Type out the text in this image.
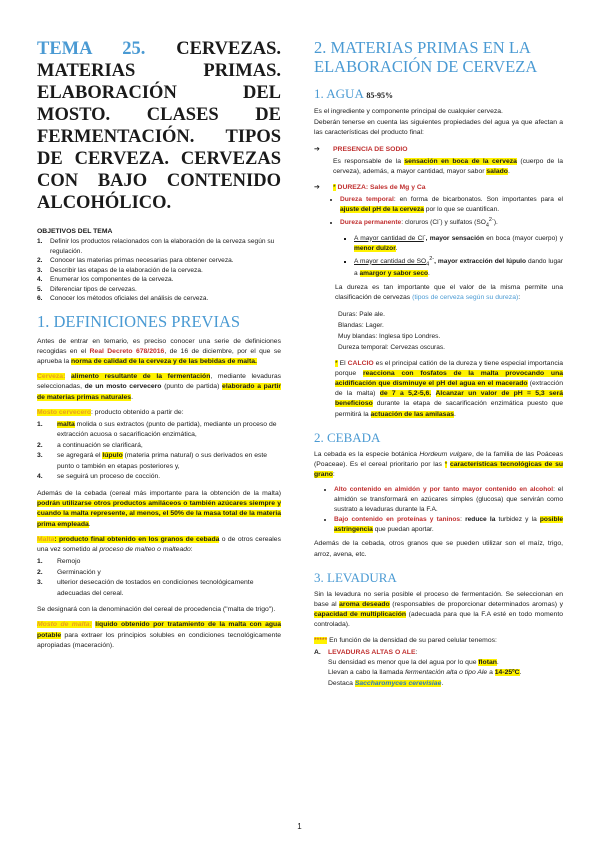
TEMA 25. CERVEZAS. MATERIAS PRIMAS. ELABORACIÓN DEL MOSTO. CLASES DE FERMENTACIÓN. TIPOS DE CERVEZA. CERVEZAS CON BAJO CONTENIDO ALCOHÓLICO.
OBJETIVOS DEL TEMA
1.	Definir los productos relacionados con la elaboración de la cerveza según su regulación.
2.	Conocer las materias primas necesarias para obtener cerveza.
3.	Describir las etapas de la elaboración de la cerveza.
4.	Enumerar los componentes de la cerveza.
5.	Diferenciar tipos de cervezas.
6.	Conocer los métodos oficiales del análisis de cerveza.
1. DEFINICIONES PREVIAS

Antes de entrar en temario, es preciso conocer una serie de definiciones recogidas en el Real Decreto 678/2016, de 16 de diciembre, por el que se aprueba la norma de calidad de la cerveza y de las bebidas de malta.

Cerveza: alimento resultante de la fermentación, mediante levaduras seleccionadas, de un mosto cervecero (punto de partida) elaborado a partir de materias primas naturales.

Mosto cervecero: producto obtenido a partir de:

1.	malta molida o sus extractos (punto de partida), mediante un proceso de extracción acuosa o sacarificación enzimática,
2.	a continuación se clarificará,
3.	se agregará el lúpulo (materia prima natural) o sus derivados en este punto o también en etapas posteriores y,
4.	se seguirá un proceso de cocción.

Además de la cebada (cereal más importante para la obtención de la malta) podrán utilizarse otros productos amiláceos o también azúcares siempre y cuando la malta represente, al menos, el 50% de la masa total de la materia prima empleada.

Malta: producto final obtenido en los granos de cebada o de otros cereales una vez sometido al proceso de malteo o malteado:

1.	Remojo
2.	Germinación y
3.	ulterior desecación de tostados en condiciones tecnológicamente adecuadas del cereal.

Se designará con la denominación del cereal de procedencia ("malta de trigo").

Mosto de malta: líquido obtenido por tratamiento de la malta con agua potable para extraer los principios solubles en condiciones tecnológicamente apropiadas (maceración).

2. MATERIAS PRIMAS EN LA ELABORACIÓN DE CERVEZA
1. AGUA 85-95%

Es el ingrediente y componente principal de cualquier cerveza.

Deberán tenerse en cuenta las siguientes propiedades del agua ya que afectan a las características del producto final:

➔	PRESENCIA DE SODIO

Es responsable de la sensación en boca de la cerveza (cuerpo de la cerveza), además, a mayor cantidad, mayor sabor salado.

➔	* DUREZA: Sales de Mg y Ca
• Dureza temporal: en forma de bicarbonatos. Son importantes para el ajuste del pH de la cerveza por lo que se cuantifican.
• Dureza permanente: cloruros (Cl-) y sulfatos $(SO_4^{2-})$.
▪ A mayor cantidad de Cl-, mayor sensación en boca (mayor cuerpo) y menor dulzor.
▪ A mayor cantidad de $SO_4^{2-}$, mayor extracción del lúpulo dando lugar a amargor y sabor seco.

La dureza es tan importante que el valor de la misma permite una clasificación de cervezas (tipos de cerveza según su dureza):

Duras: Pale ale.
Blandas: Lager.
Muy blandas: Inglesa tipo Londres.
Dureza temporal: Cervezas oscuras.

* El CALCIO es el principal catión de la dureza y tiene especial importancia porque reacciona con fosfatos de la malta provocando una acidificación que disminuye el pH del agua en el macerado (extracción de la malta) de 7 a 5,2-5,6. Alcanzar un valor de pH = 5,3 será beneficioso durante la etapa de sacarificación enzimática puesto que permitirá la actuación de las amilasas.

2. CEBADA

La cebada es la especie botánica Hordeum vulgare, de la familia de las Poáceas (Poaceae). Es el cereal prioritario por las * características tecnológicas de su grano:

• Alto contenido en almidón y por tanto mayor contenido en alcohol: el almidón se transformará en azúcares simples (glucosa) que servirán como sustrato a levaduras durante la F.A.
• Bajo contenido en proteínas y taninos: reduce la turbidez y la posible astringencia que puedan aportar.

Además de la cebada, otros granos que se pueden utilizar son el maíz, trigo, arroz, avena, etc.

3. LEVADURA

Sin la levadura no sería posible el proceso de fermentación. Se seleccionan en base al aroma deseado (responsables de proporcionar determinados aromas) y capacidad de multiplicación (adecuada para que la F.A esté en todo momento controlada).

***** En función de la densidad de su pared celular tenemos:

A.	LEVADURAS ALTAS O ALE:
Su densidad es menor que la del agua por lo que flotan.
Llevan a cabo la llamada fermentación alta o tipo Ale a 14-25ºC.
Destaca Saccharomyces cerevisiae.
1
